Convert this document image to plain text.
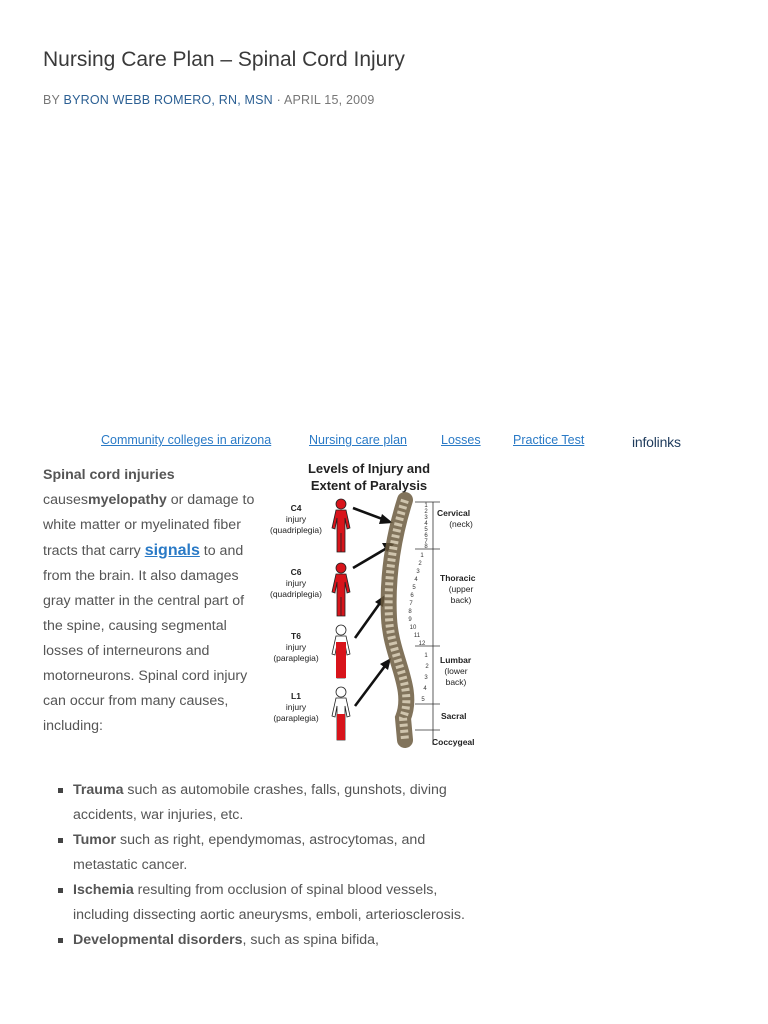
Nursing Care Plan – Spinal Cord Injury
BY BYRON WEBB ROMERO, RN, MSN · APRIL 15, 2009
Community colleges in arizona	Nursing care plan	Losses	Practice Test	infolinks

Spinal cord injuries causesmyelopathy or damage to white matter or myelinated fiber tracts that carry signals to and from the brain. It also damages gray matter in the central part of the spine, causing segmental losses of interneurons and motorneurons. Spinal cord injury can occur from many causes, including:

Levels of Injury and
Extent of Paralysis
C4
injury
(quadriplegia)
C6
injury
(quadriplegia)
T6
injury
(paraplegia)
L1
injury
(paraplegia)
1
2
3
4
5
6
7
8
1
2
3
4
5
6
7
8
9
10
11
12
1
2
3
4
5
Cervical
(neck)
Thoracic
(upper
back)
Lumbar
(lower
back)
Sacral
Coccygeal
Trauma such as automobile crashes, falls, gunshots, diving accidents, war injuries, etc.
Tumor such as right, ependymomas, astrocytomas, and metastatic cancer.
Ischemia resulting from occlusion of spinal blood vessels, including dissecting aortic aneurysms, emboli, arteriosclerosis.
Developmental disorders, such as spina bifida,
